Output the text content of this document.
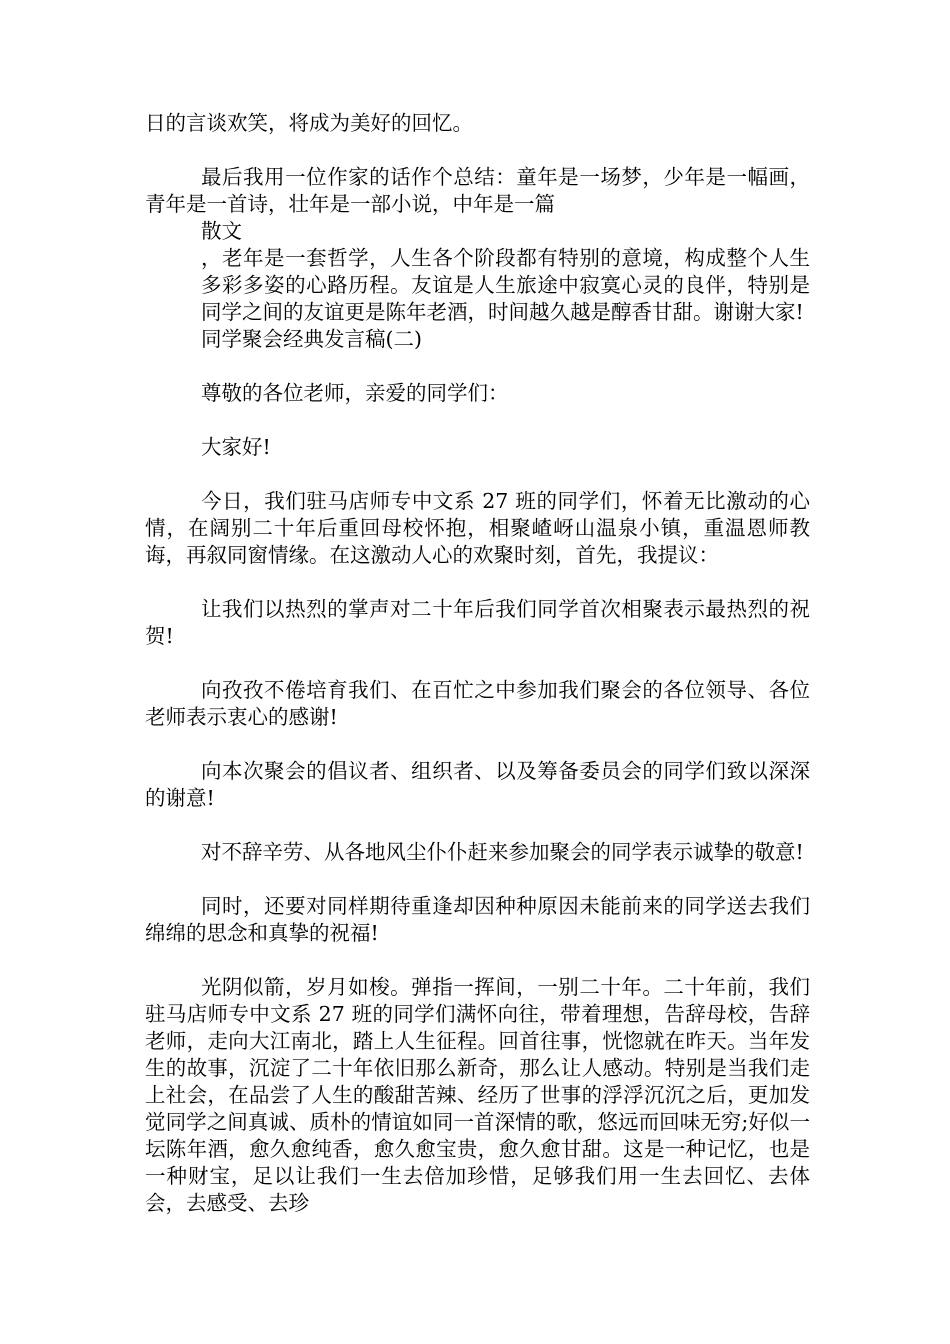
日的言谈欢笑，将成为美好的回忆。

最后我用一位作家的话作个总结：童年是一场梦，少年是一幅画，青年是一首诗，壮年是一部小说，中年是一篇

散文

，老年是一套哲学，人生各个阶段都有特别的意境，构成整个人生多彩多姿的心路历程。友谊是人生旅途中寂寞心灵的良伴，特别是同学之间的友谊更是陈年老酒，时间越久越是醇香甘甜。谢谢大家!

同学聚会经典发言稿(二)

尊敬的各位老师，亲爱的同学们：

大家好!

今日，我们驻马店师专中文系 27 班的同学们，怀着无比激动的心情，在阔别二十年后重回母校怀抱，相聚嵖岈山温泉小镇，重温恩师教诲，再叙同窗情缘。在这激动人心的欢聚时刻，首先，我提议：

让我们以热烈的掌声对二十年后我们同学首次相聚表示最热烈的祝贺!

向孜孜不倦培育我们、在百忙之中参加我们聚会的各位领导、各位老师表示衷心的感谢!

向本次聚会的倡议者、组织者、以及筹备委员会的同学们致以深深的谢意!

对不辞辛劳、从各地风尘仆仆赶来参加聚会的同学表示诚挚的敬意!

同时，还要对同样期待重逢却因种种原因未能前来的同学送去我们绵绵的思念和真挚的祝福!

光阴似箭，岁月如梭。弹指一挥间，一别二十年。二十年前，我们驻马店师专中文系 27 班的同学们满怀向往，带着理想，告辞母校，告辞老师，走向大江南北，踏上人生征程。回首往事，恍惚就在昨天。当年发生的故事，沉淀了二十年依旧那么新奇，那么让人感动。特别是当我们走上社会，在品尝了人生的酸甜苦辣、经历了世事的浮浮沉沉之后，更加发觉同学之间真诚、质朴的情谊如同一首深情的歌，悠远而回味无穷;好似一坛陈年酒，愈久愈纯香，愈久愈宝贵，愈久愈甘甜。这是一种记忆，也是一种财宝，足以让我们一生去倍加珍惜，足够我们用一生去回忆、去体会，去感受、去珍
